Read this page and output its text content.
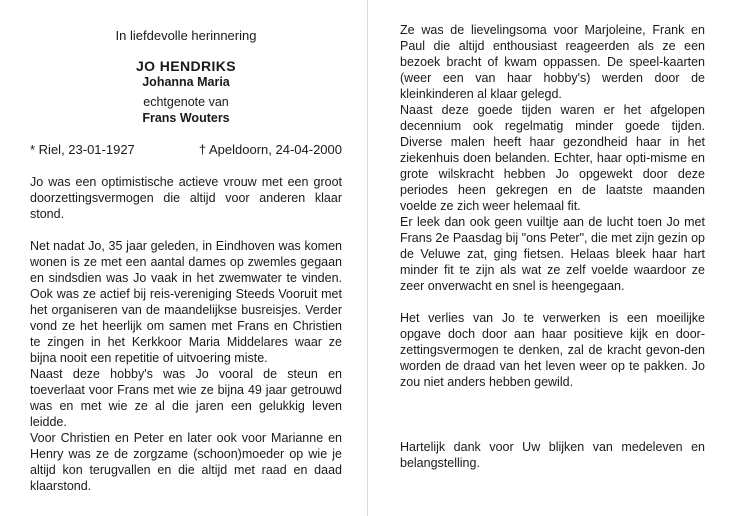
In liefdevolle herinnering
JO HENDRIKS
Johanna Maria
echtgenote van
Frans Wouters
* Riel, 23-01-1927	† Apeldoorn, 24-04-2000

Jo was een optimistische actieve vrouw met een groot doorzettingsvermogen die altijd voor anderen klaar stond.

Net nadat Jo, 35 jaar geleden, in Eindhoven was komen wonen is ze met een aantal dames op zwemles gegaan en sindsdien was Jo vaak in het zwemwater te vinden. Ook was ze actief bij reis-vereniging Steeds Vooruit met het organiseren van de maandelijkse busreisjes. Verder vond ze het heerlijk om samen met Frans en Christien te zingen in het Kerkkoor Maria Middelares waar ze bijna nooit een repetitie of uitvoering miste.

Naast deze hobby's was Jo vooral de steun en toeverlaat voor Frans met wie ze bijna 49 jaar getrouwd was en met wie ze al die jaren een gelukkig leven leidde.

Voor Christien en Peter en later ook voor Marianne en Henry was ze de zorgzame (schoon)moeder op wie je altijd kon terugvallen en die altijd met raad en daad klaarstond.

Ze was de lievelingsoma voor Marjoleine, Frank en Paul die altijd enthousiast reageerden als ze een bezoek bracht of kwam oppassen. De speel-kaarten (weer een van haar hobby's) werden door de kleinkinderen al klaar gelegd.

Naast deze goede tijden waren er het afgelopen decennium ook regelmatig minder goede tijden. Diverse malen heeft haar gezondheid haar in het ziekenhuis doen belanden. Echter, haar opti-misme en grote wilskracht hebben Jo opgewekt door deze periodes heen gekregen en de laatste maanden voelde ze zich weer helemaal fit.

Er leek dan ook geen vuiltje aan de lucht toen Jo met Frans 2e Paasdag bij "ons Peter", die met zijn gezin op de Veluwe zat, ging fietsen. Helaas bleek haar hart minder fit te zijn als wat ze zelf voelde waardoor ze zeer onverwacht en snel is heengegaan.

Het verlies van Jo te verwerken is een moeilijke opgave doch door aan haar positieve kijk en door-zettingsvermogen te denken, zal de kracht gevon-den worden de draad van het leven weer op te pakken. Jo zou niet anders hebben gewild.

Hartelijk dank voor Uw blijken van medeleven en belangstelling.
